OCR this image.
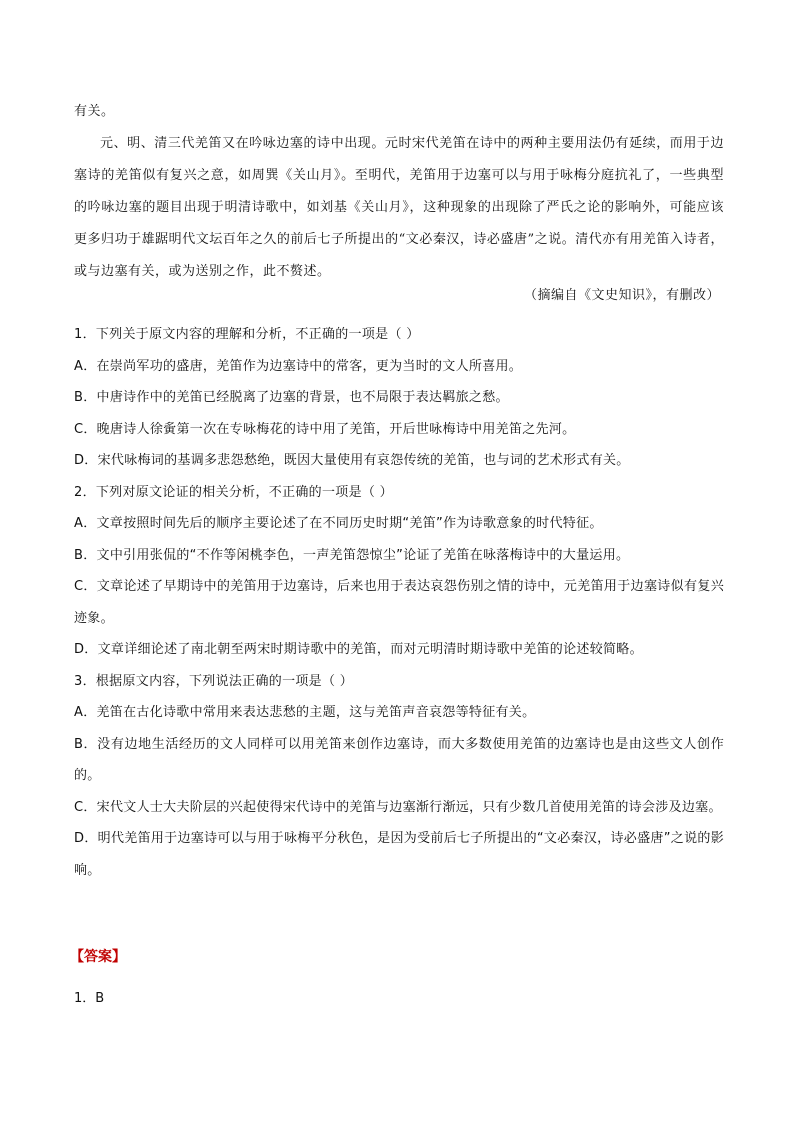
有关。

元、明、清三代羌笛又在吟咏边塞的诗中出现。元时宋代羌笛在诗中的两种主要用法仍有延续，而用于边塞诗的羌笛似有复兴之意，如周巽《关山月》。至明代，羌笛用于边塞可以与用于咏梅分庭抗礼了，一些典型的吟咏边塞的题目出现于明清诗歌中，如刘基《关山月》，这种现象的出现除了严氏之论的影响外，可能应该更多归功于雄踞明代文坛百年之久的前后七子所提出的“文必秦汉，诗必盛唐”之说。清代亦有用羌笛入诗者，或与边塞有关，或为送别之作，此不赘述。

（摘编自《文史知识》，有删改）

1．下列关于原文内容的理解和分析，不正确的一项是（ ）

A．在崇尚军功的盛唐，羌笛作为边塞诗中的常客，更为当时的文人所喜用。

B．中唐诗作中的羌笛已经脱离了边塞的背景，也不局限于表达羁旅之愁。

C．晚唐诗人徐夤第一次在专咏梅花的诗中用了羌笛，开后世咏梅诗中用羌笛之先河。

D．宋代咏梅词的基调多悲怨愁绝，既因大量使用有哀怨传统的羌笛，也与词的艺术形式有关。

2．下列对原文论证的相关分析，不正确的一项是（ ）

A．文章按照时间先后的顺序主要论述了在不同历史时期“羌笛”作为诗歌意象的时代特征。

B．文中引用张侃的“不作等闲桃李色，一声羌笛怨惊尘”论证了羌笛在咏落梅诗中的大量运用。

C．文章论述了早期诗中的羌笛用于边塞诗，后来也用于表达哀怨伤别之情的诗中，元羌笛用于边塞诗似有复兴迹象。

D．文章详细论述了南北朝至两宋时期诗歌中的羌笛，而对元明清时期诗歌中羌笛的论述较简略。

3．根据原文内容，下列说法正确的一项是（ ）

A．羌笛在古化诗歌中常用来表达悲愁的主题，这与羌笛声音哀怨等特征有关。

B．没有边地生活经历的文人同样可以用羌笛来创作边塞诗，而大多数使用羌笛的边塞诗也是由这些文人创作的。

C．宋代文人士大夫阶层的兴起使得宋代诗中的羌笛与边塞渐行渐远，只有少数几首使用羌笛的诗会涉及边塞。

D．明代羌笛用于边塞诗可以与用于咏梅平分秋色，是因为受前后七子所提出的“文必秦汉，诗必盛唐”之说的影响。

【答案】
1．B
